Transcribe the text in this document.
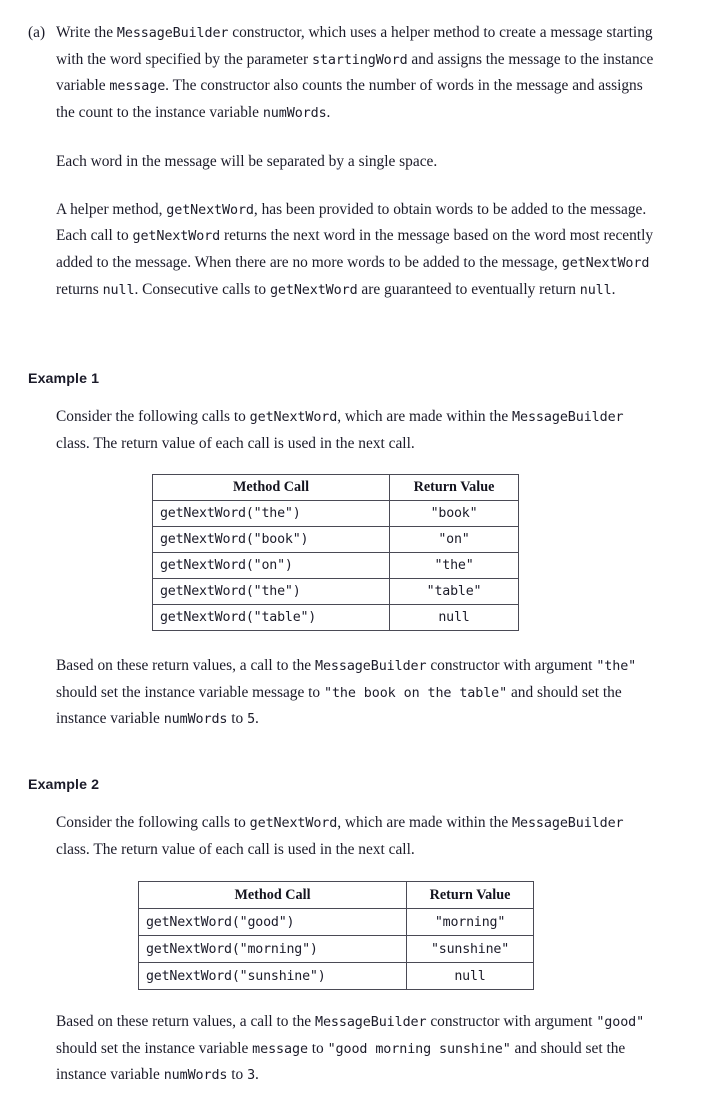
(a) Write the MessageBuilder constructor, which uses a helper method to create a message starting with the word specified by the parameter startingWord and assigns the message to the instance variable message. The constructor also counts the number of words in the message and assigns the count to the instance variable numWords.

Each word in the message will be separated by a single space.

A helper method, getNextWord, has been provided to obtain words to be added to the message. Each call to getNextWord returns the next word in the message based on the word most recently added to the message. When there are no more words to be added to the message, getNextWord returns null. Consecutive calls to getNextWord are guaranteed to eventually return null.

Example 1

Consider the following calls to getNextWord, which are made within the MessageBuilder class. The return value of each call is used in the next call.

Method Call	Return Value
getNextWord("the")	"book"
getNextWord("book")	"on"
getNextWord("on")	"the"
getNextWord("the")	"table"
getNextWord("table")	null

Based on these return values, a call to the MessageBuilder constructor with argument "the" should set the instance variable message to "the book on the table" and should set the instance variable numWords to 5.

Example 2

Consider the following calls to getNextWord, which are made within the MessageBuilder class. The return value of each call is used in the next call.

Method Call	Return Value
getNextWord("good")	"morning"
getNextWord("morning")	"sunshine"
getNextWord("sunshine")	null

Based on these return values, a call to the MessageBuilder constructor with argument "good" should set the instance variable message to "good morning sunshine" and should set the instance variable numWords to 3.
